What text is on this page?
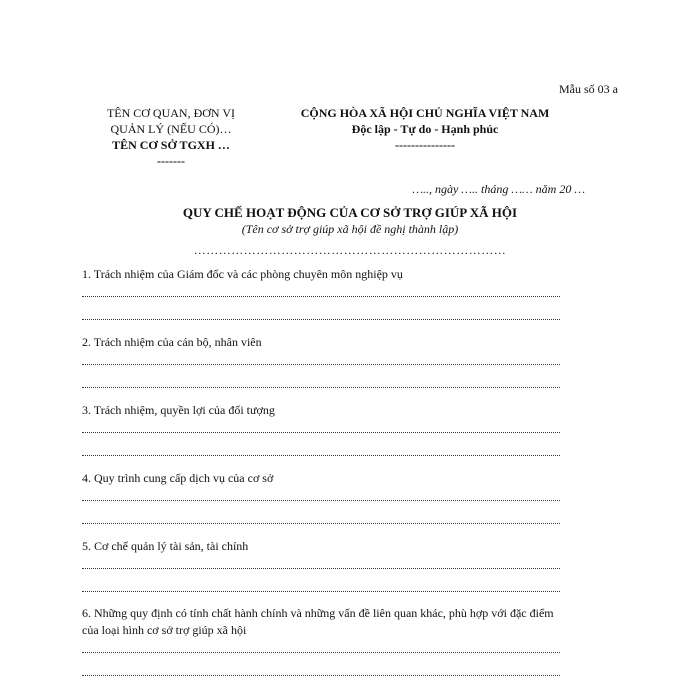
Mẫu số 03 a
TÊN CƠ QUAN, ĐƠN VỊ
QUẢN LÝ (NẾU CÓ)…
TÊN CƠ SỞ TGXH …
-------
CỘNG HÒA XÃ HỘI CHỦ NGHĨA VIỆT NAM
Độc lập - Tự do - Hạnh phúc
---------------
….., ngày ….. tháng …… năm 20 …
QUY CHẾ HOẠT ĐỘNG CỦA CƠ SỞ TRỢ GIÚP XÃ HỘI
(Tên cơ sở trợ giúp xã hội đề nghị thành lập)
…………………………………………………………………
1. Trách nhiệm của Giám đốc và các phòng chuyên môn nghiệp vụ
2. Trách nhiệm của cán bộ, nhân viên
3. Trách nhiệm, quyền lợi của đối tượng
4. Quy trình cung cấp dịch vụ của cơ sở
5. Cơ chế quản lý tài sản, tài chính
6. Những quy định có tính chất hành chính và những vấn đề liên quan khác, phù hợp với đặc điểm của loại hình cơ sở trợ giúp xã hội
